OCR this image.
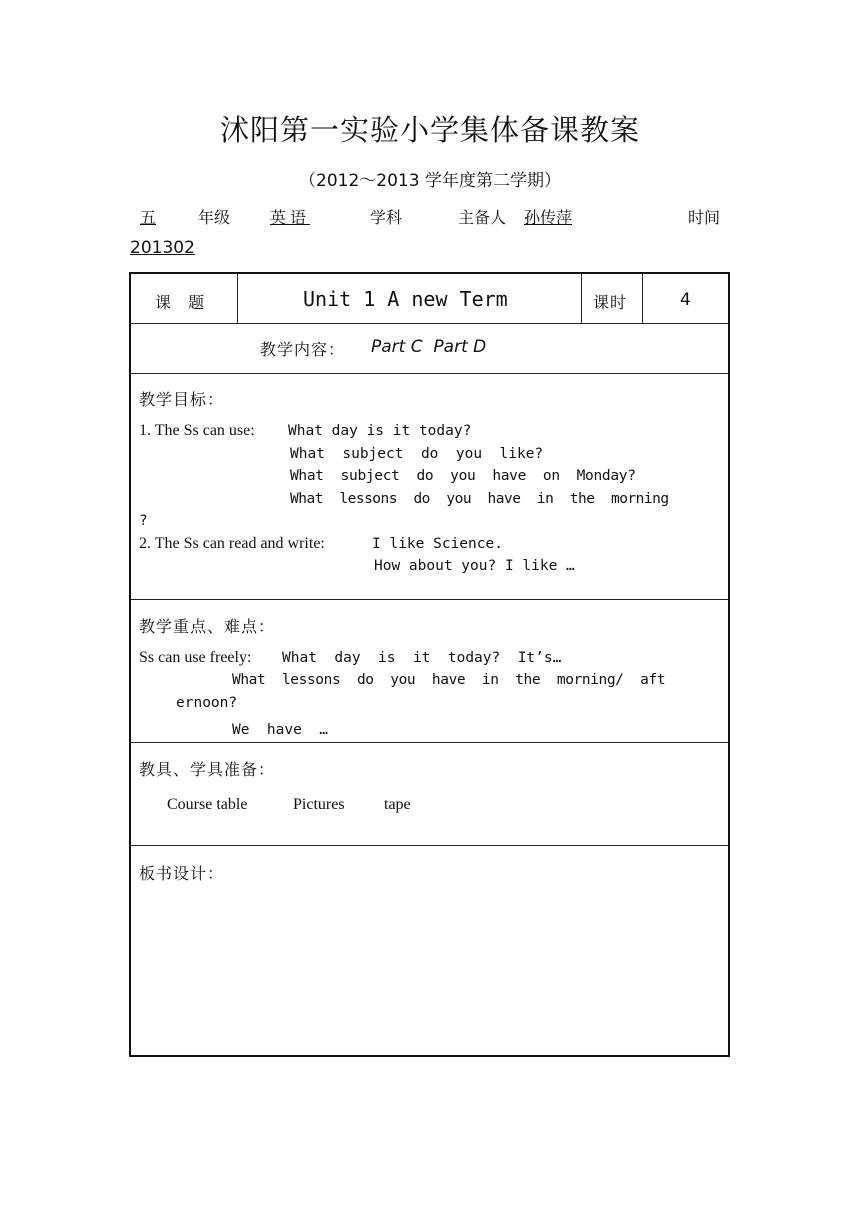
沭阳第一实验小学集体备课教案
（2012～2013 学年度第二学期）
五	年级 英语	学科	主备人 孙传萍	时间
201302
课 题	Unit 1 A new Term	课时	4
教学内容： Part C  Part D
教学目标：
1. The Ss can use: What day is it today?
What  subject  do  you  like?
What  subject  do  you  have  on  Monday?
What  lessons  do  you  have  in  the  morning
?
2. The Ss can read and write:	I like Science.
How about you? I like …
教学重点、难点：
Ss can use freely: What  day  is  it  today?  It’s…
What  lessons  do  you  have  in  the  morning/  aft
ernoon?
We  have  …
教具、学具准备：
Course table	Pictures tape
板书设计：
